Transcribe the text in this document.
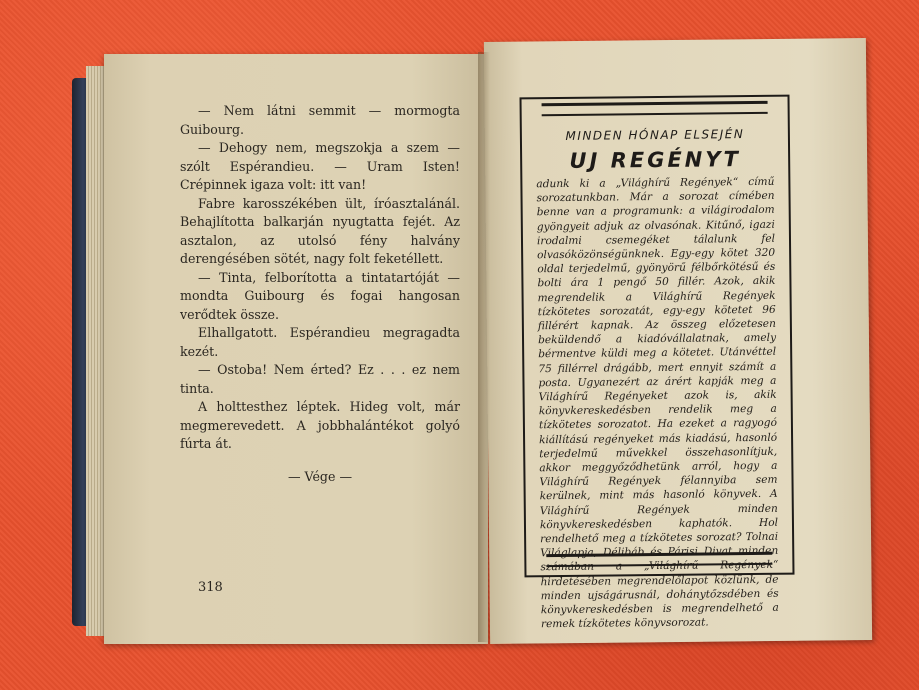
— Nem látni semmit — mormogta Guibourg.

— Dehogy nem, megszokja a szem — szólt Espérandieu. — Uram Isten! Crépinnek igaza volt: itt van!

Fabre karosszékében ült, íróasztalánál. Behajlította balkarján nyugtatta fejét. Az asztalon, az utolsó fény halvány derengésében sötét, nagy folt feketéllett.

— Tinta, felborította a tintatartóját — mondta Guibourg és fogai hangosan verődtek össze.

Elhallgatott. Espérandieu megragadta kezét.

— Ostoba! Nem érted? Ez . . . ez nem tinta.

A holttesthez léptek. Hideg volt, már megmerevedett. A jobbhalántékot golyó fúrta át.

— Vége —

318
MINDEN HÓNAP ELSEJÉN
UJ REGÉNYT
adunk ki a „Világhírű Regények“ című sorozatunkban. Már a sorozat címében benne van a programunk: a világirodalom gyöngyeit adjuk az olvasónak. Kitűnő, igazi irodalmi csemegéket tálalunk fel olvasóközönségünknek. Egy-egy kötet 320 oldal terjedelmű, gyönyörű félbőrkötésű és bolti ára 1 pengő 50 fillér. Azok, akik megrendelik a Világhírű Regények tízkötetes sorozatát, egy-egy kötetet 96 fillérért kapnak. Az összeg előzetesen beküldendő a kiadóvállalatnak, amely bérmentve küldi meg a kötetet. Utánvéttel 75 fillérrel drágább, mert ennyit számít a posta. Ugyanezért az árért kapják meg a Világhírű Regényeket azok is, akik könyvkereskedésben rendelik meg a tízkötetes sorozatot. Ha ezeket a ragyogó kiállítású regényeket más kiadású, hasonló terjedelmű művekkel összehasonlítjuk, akkor meggyőződhetünk arról, hogy a Világhírű Regények félannyiba sem kerülnek, mint más hasonló könyvek. A Világhírű Regények minden könyvkereskedésben kaphatók. Hol rendelhető meg a tízkötetes sorozat? Tolnai Világlapja, Délibáb és Párisi Divat minden számában a „Világhírű Regények“ hirdetésében megrendelőlapot közlünk, de minden ujságárusnál, dohánytőzsdében és könyvkereskedésben is megrendelhető a remek tízkötetes könyvsorozat.
